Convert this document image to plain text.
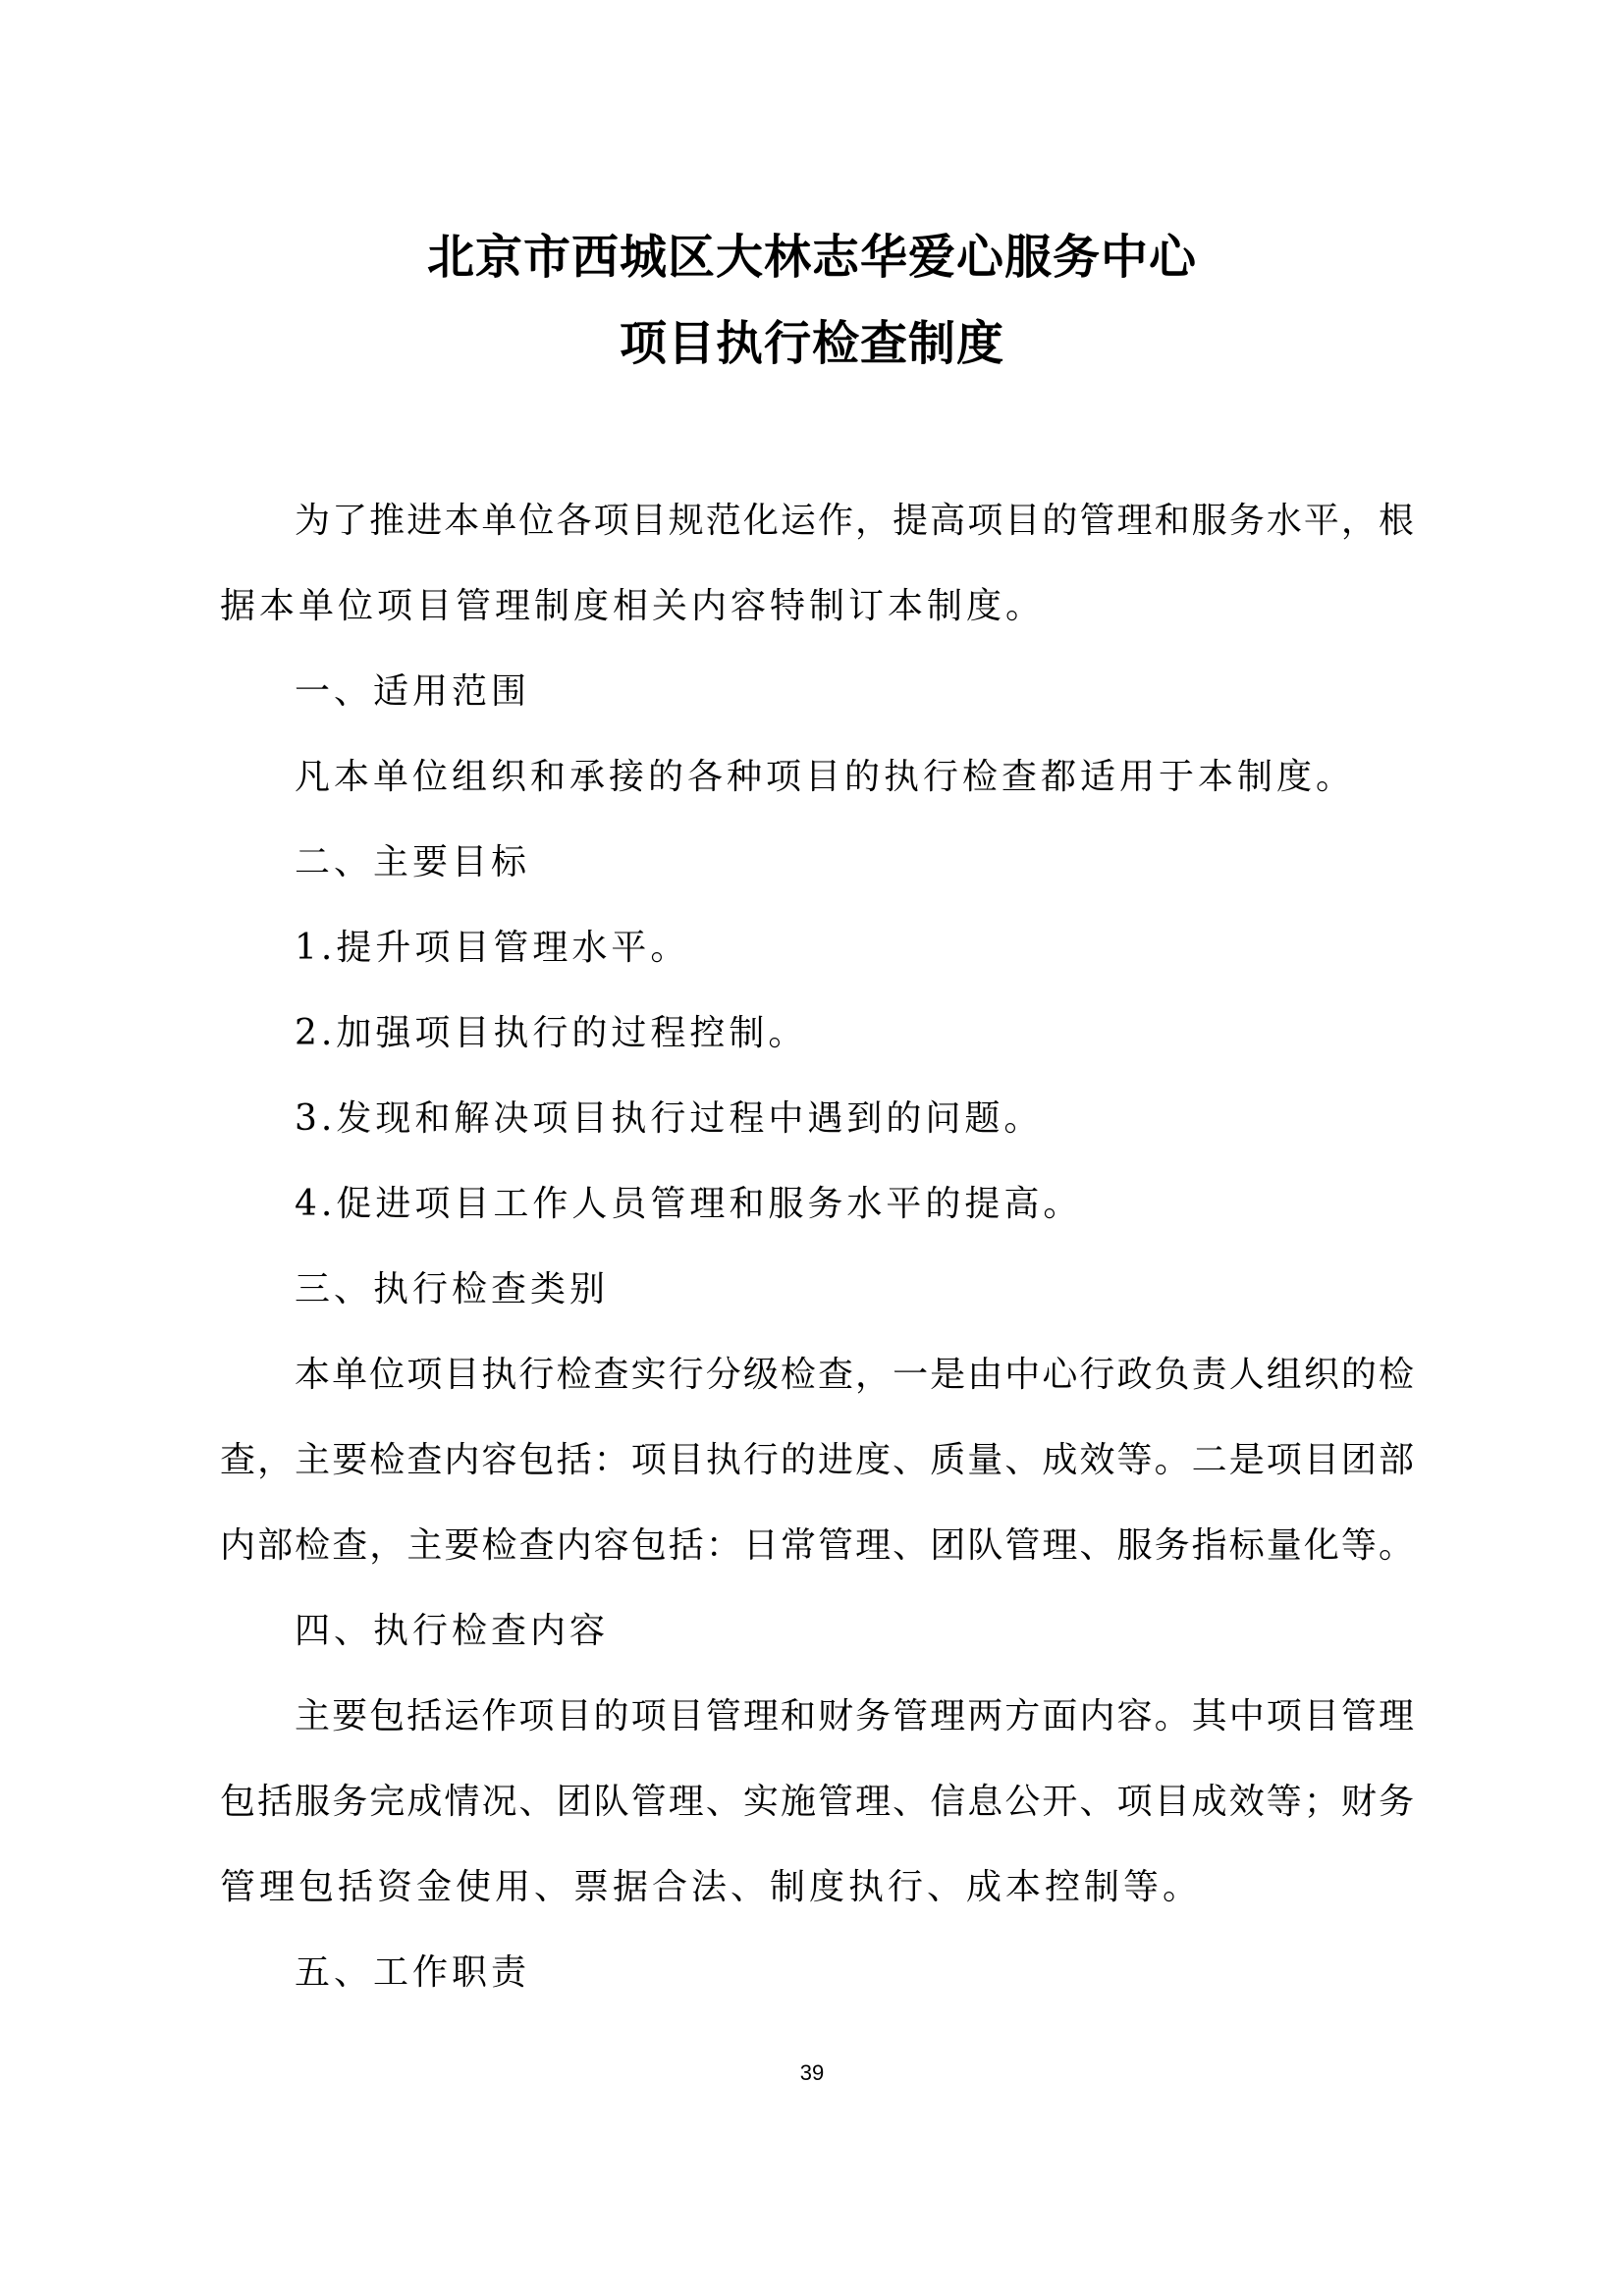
北京市西城区大林志华爱心服务中心
项目执行检查制度
为了推进本单位各项目规范化运作，提高项目的管理和服务水平，根
据本单位项目管理制度相关内容特制订本制度。
一、适用范围
凡本单位组织和承接的各种项目的执行检查都适用于本制度。
二、主要目标
1.提升项目管理水平。
2.加强项目执行的过程控制。
3.发现和解决项目执行过程中遇到的问题。
4.促进项目工作人员管理和服务水平的提高。
三、执行检查类别
本单位项目执行检查实行分级检查，一是由中心行政负责人组织的检
查，主要检查内容包括：项目执行的进度、质量、成效等。二是项目团部
内部检查，主要检查内容包括：日常管理、团队管理、服务指标量化等。
四、执行检查内容
主要包括运作项目的项目管理和财务管理两方面内容。其中项目管理
包括服务完成情况、团队管理、实施管理、信息公开、项目成效等；财务
管理包括资金使用、票据合法、制度执行、成本控制等。
五、工作职责
39
